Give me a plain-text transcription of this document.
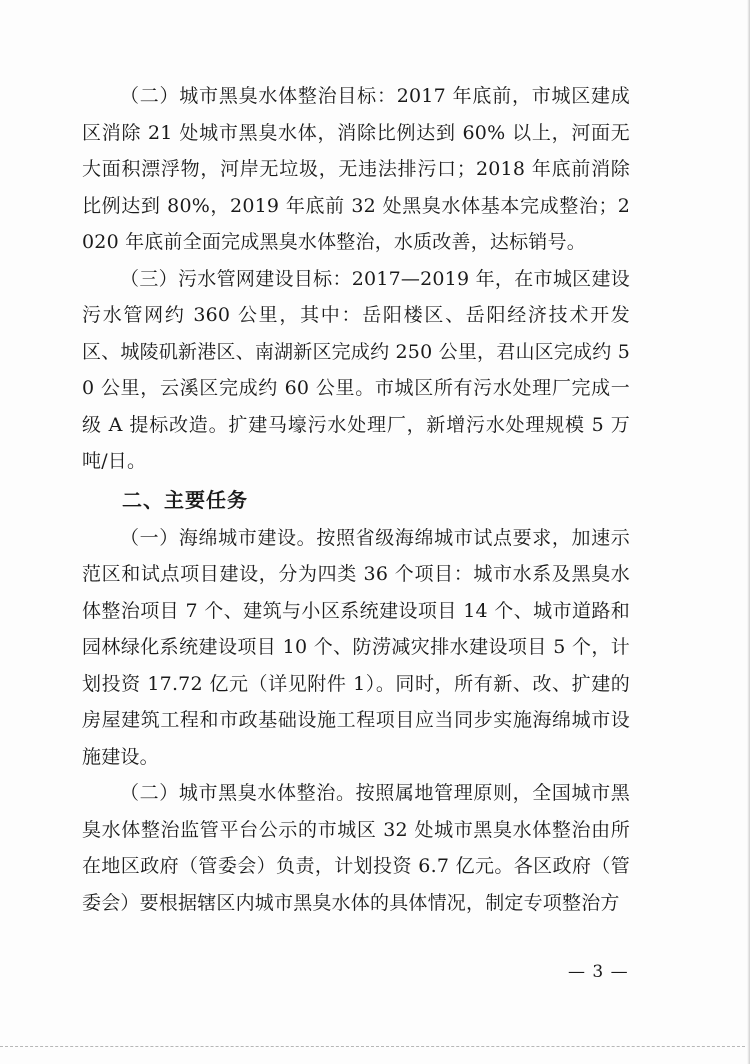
（二）城市黑臭水体整治目标：2017 年底前，市城区建成区消除 21 处城市黑臭水体，消除比例达到 60% 以上，河面无大面积漂浮物，河岸无垃圾，无违法排污口；2018 年底前消除比例达到 80%，2019 年底前 32 处黑臭水体基本完成整治；2020 年底前全面完成黑臭水体整治，水质改善，达标销号。

（三）污水管网建设目标：2017—2019 年，在市城区建设污水管网约 360 公里，其中：岳阳楼区、岳阳经济技术开发区、城陵矶新港区、南湖新区完成约 250 公里，君山区完成约 50 公里，云溪区完成约 60 公里。市城区所有污水处理厂完成一级 A 提标改造。扩建马壕污水处理厂，新增污水处理规模 5 万吨/日。

二、主要任务

（一）海绵城市建设。按照省级海绵城市试点要求，加速示范区和试点项目建设，分为四类 36 个项目：城市水系及黑臭水体整治项目 7 个、建筑与小区系统建设项目 14 个、城市道路和园林绿化系统建设项目 10 个、防涝减灾排水建设项目 5 个，计划投资 17.72 亿元（详见附件 1）。同时，所有新、改、扩建的房屋建筑工程和市政基础设施工程项目应当同步实施海绵城市设施建设。

（二）城市黑臭水体整治。按照属地管理原则，全国城市黑臭水体整治监管平台公示的市城区 32 处城市黑臭水体整治由所在地区政府（管委会）负责，计划投资 6.7 亿元。各区政府（管委会）要根据辖区内城市黑臭水体的具体情况，制定专项整治方

— 3 —
